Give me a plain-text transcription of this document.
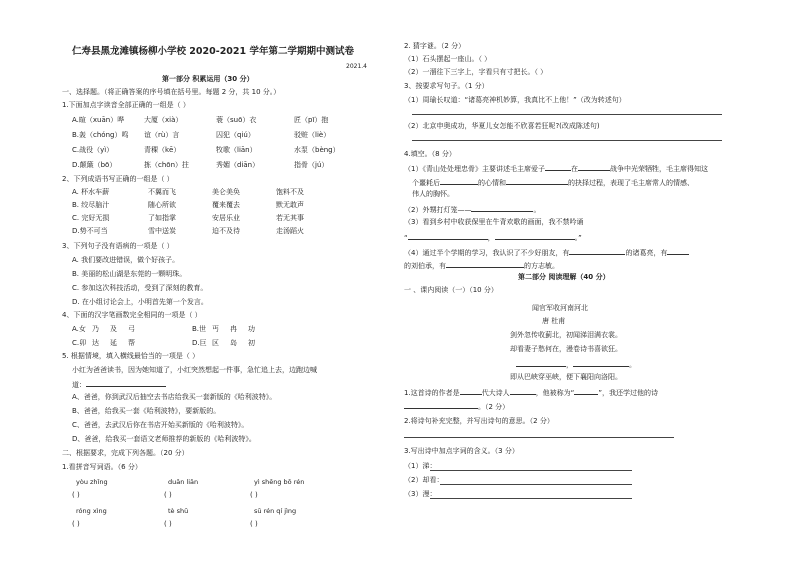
仁寿县黑龙滩镇杨柳小学校 2020-2021 学年第二学期期中测试卷
2021.4
第一部分 积累运用（30 分）
一、选择题。（将正确答案的序号填在括号里。每题 2 分，共 10 分。）
1.下面加点字读音全部正确的一组是（ ）
A.暄（xuān）哗	大厦（xià）	蓑（suō）衣	匠（pī）抱
B.轰（chóng）鸣 谊（rù）言	囚犯（qiú）	驳赃（liè）
C.战役（yì）	青稞（kē）	牧歌（liān）	水泵（bèng）
D.颠簸（bō）	拣（chōn）拄	秀媚（diān）	指骨（jú）
2、下列成语书写正确的一组是（ ）
A. 杯水车薪	不翼而飞	美仑美奂	饱料不及
B. 绞尽脑汁	随心所欲	覆来覆去	默无敢声
C. 完好无损	了如指掌	安居乐业	若无其事
D.势不可当	雪中送炭	迫不及待	走汤蹈火
3、下列句子没有语病的一项是（ ）
A. 我们要改进错误，做个好孩子。
B. 美丽的松山湖是东莞的一颗明珠。
C. 参加这次科技活动，受到了深刻的教育。
D. 在小组讨论会上，小明首先第一个发言。
4、下面的汉字笔画数完全相同的一项是（ ）
A.女 乃 及 弓	B.世 丐 冉 功
C.卯 达 延 帮	D.巨 区 岛 初
5. 根据情境，填入横线最恰当的一项是（ ）
小红为爸爸读书，因为她知道了，小红突然想起一件事，急忙追上去，边跑边喊
道：
A、爸爸，你到武汉后抽空去书店给我买一套新版的《哈利波特》。
B、爸爸，给我买一套《哈利波特》，要新版的。
C、爸爸，去武汉后你在书店开始买新版的《哈利波特》。
D、爸爸，给我买一套语文老师推荐的新版的《哈利波特》。
二、根据要求，完成下列各题。（20 分）
1.看拼音写词语。（6 分）
yòu zhǐng	duān liān	yì shēng bō rén
( )	( )	( )
róng xìng	tè shū	sū rén qí jìng
( )	( )	( )
2. 猜字谜。（2 分）
（1）石头摆起一座山。（ ）
（2）一溜往下三字上，字看只有寸把长。（ ）
3、按要求写句子。（1 分）
（1）周瑜长叹道：“诸葛亮神机妙算，我真比不上他！”（改为转述句）
（2）北京申奥成功，华夏儿女怎能不欣喜若狂呢?(改成陈述句)
4.填空。（8 分）
（1）《青山处处埋忠骨》主要讲述毛主席爱子	在	战争中光荣牺牲，毛主席得知这
个噩耗后	的心情和	的抉择过程，表现了毛主席常人的情感、
伟人的胸怀。
（2）外甥打灯笼——	。
（3）看到乡村中收获保里在牛背欢歌的画面，我不禁吟诵
“	，	。”
（4）通过半个学期的学习，我认识了不少好朋友，有	的诸葛亮，有
的刘伯承，有	的方志敏。
第二部分 阅读理解（40 分）
一 、课内阅读（一）（10 分）
闻官军收河南河北
唐 杜甫
剑外忽传收蓟北，初闻涕泪满衣裳。
却看妻子愁何在，漫卷诗书喜欲狂。
，	。
即从巴峡穿巫峡，便下襄阳向洛阳。
1.这首诗的作者是	代大诗人	，他被称为“	”，我还学过他的诗
。（2 分）
2.将诗句补充完整，并写出诗句的意思。（2 分）
3.写出诗中加点字词的含义。（3 分）
（1）涕：
（2）却看：
（3）漫：
